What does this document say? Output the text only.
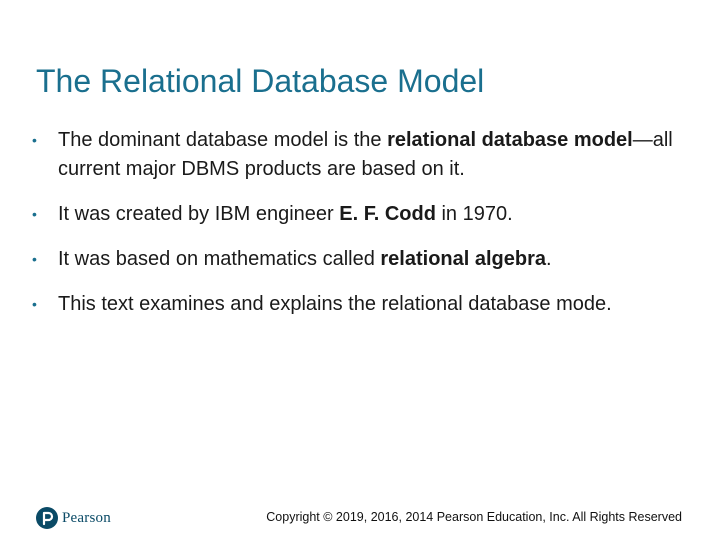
The Relational Database Model
•	The dominant database model is the relational database model—all current major DBMS products are based on it.
•	It was created by IBM engineer E. F. Codd in 1970.
•	It was based on mathematics called relational algebra.
•	This text examines and explains the relational database mode.
Pearson	Copyright © 2019, 2016, 2014 Pearson Education, Inc. All Rights Reserved
